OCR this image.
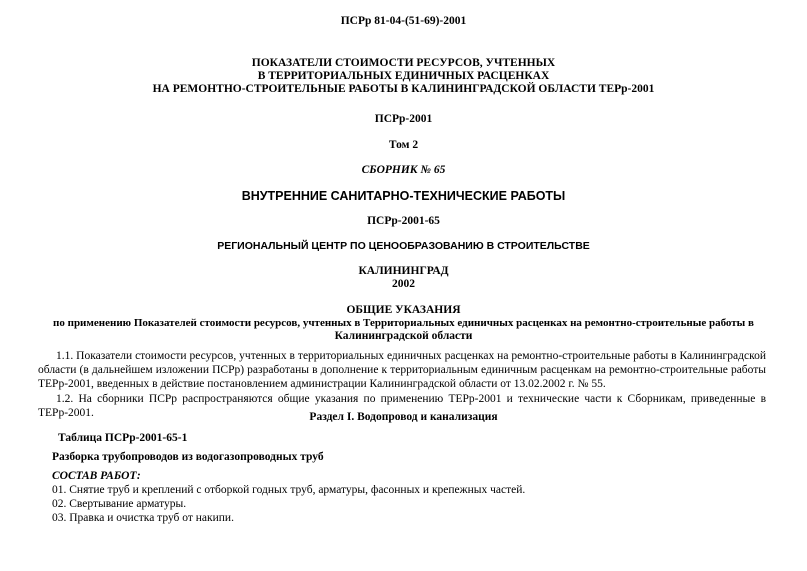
ПСРр 81-04-(51-69)-2001
ПОКАЗАТЕЛИ СТОИМОСТИ РЕСУРСОВ, УЧТЕННЫХ
В ТЕРРИТОРИАЛЬНЫХ ЕДИНИЧНЫХ РАСЦЕНКАХ
НА РЕМОНТНО-СТРОИТЕЛЬНЫЕ РАБОТЫ В КАЛИНИНГРАДСКОЙ ОБЛАСТИ ТЕРр-2001
ПСРр-2001
Том 2
СБОРНИК № 65
ВНУТРЕННИЕ САНИТАРНО-ТЕХНИЧЕСКИЕ РАБОТЫ
ПСРр-2001-65
РЕГИОНАЛЬНЫЙ ЦЕНТР ПО ЦЕНООБРАЗОВАНИЮ В СТРОИТЕЛЬСТВЕ
КАЛИНИНГРАД
2002
ОБЩИЕ УКАЗАНИЯ
по применению Показателей стоимости ресурсов, учтенных в Территориальных единичных расценках на ремонтно-строительные работы в
Калининградской области
1.1. Показатели стоимости ресурсов, учтенных в территориальных единичных расценках на ремонтно-строительные работы в Калининградской области (в дальнейшем изложении ПСРр) разработаны в дополнение к территориальным единичным расценкам на ремонтно-строительные работы ТЕРр-2001, введенных в действие постановлением администрации Калининградской области от 13.02.2002 г. № 55.
1.2. На сборники ПСРр распространяются общие указания по применению ТЕРр-2001 и технические части к Сборникам, приведенные в ТЕРр-2001.	Раздел I. Водопровод и канализация
Таблица ПСРр-2001-65-1
Разборка трубопроводов из водогазопроводных труб
СОСТАВ РАБОТ:
01. Снятие труб и креплений с отборкой годных труб, арматуры, фасонных и крепежных частей.
02. Свертывание арматуры.
03. Правка и очистка труб от накипи.
